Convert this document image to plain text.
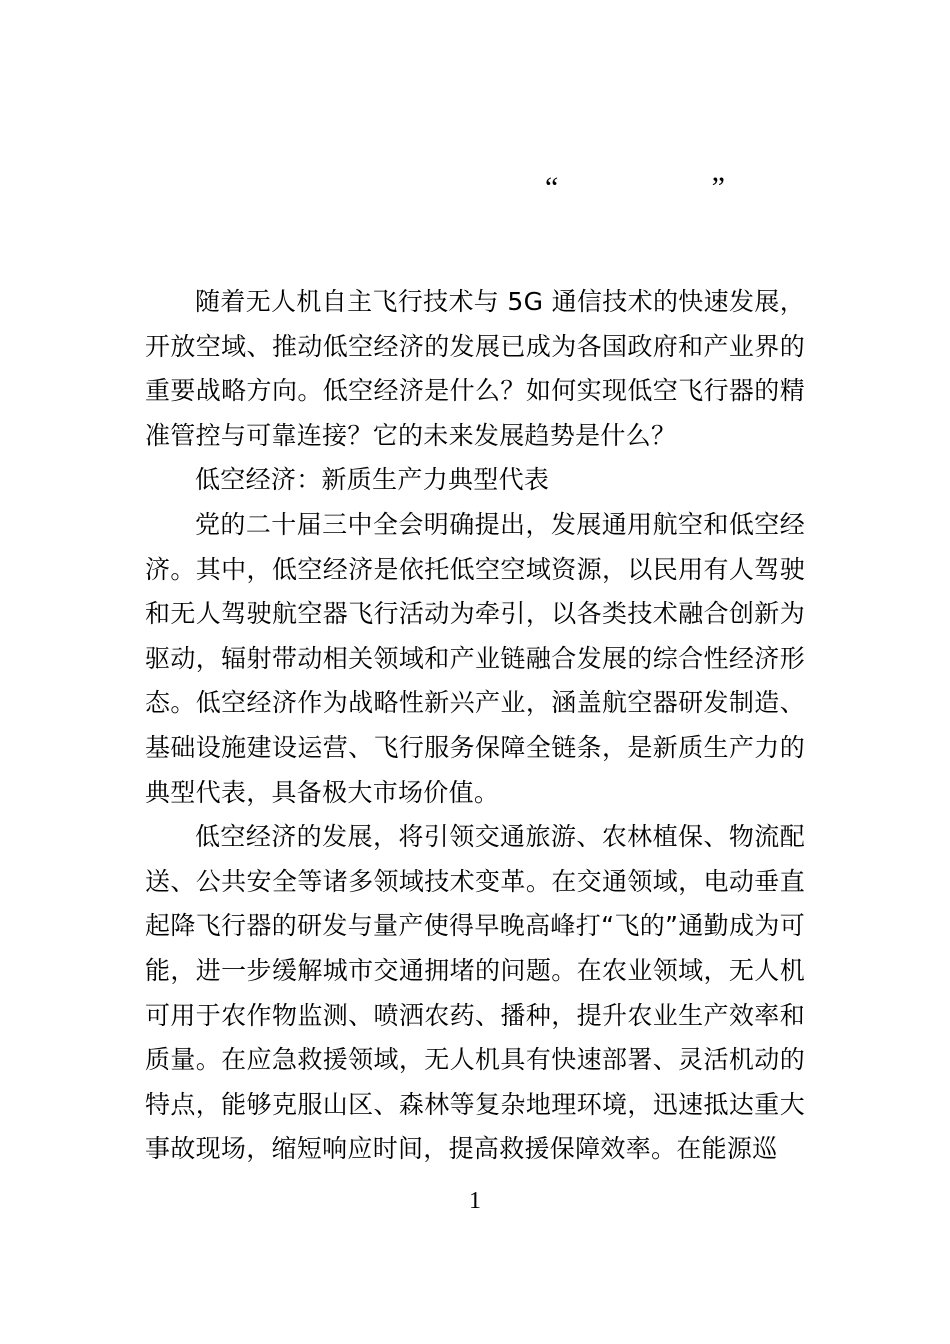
“	”

随着无人机自主飞行技术与 5G 通信技术的快速发展，开放空域、推动低空经济的发展已成为各国政府和产业界的重要战略方向。低空经济是什么？如何实现低空飞行器的精准管控与可靠连接？它的未来发展趋势是什么？

低空经济：新质生产力典型代表

党的二十届三中全会明确提出，发展通用航空和低空经济。其中，低空经济是依托低空空域资源，以民用有人驾驶和无人驾驶航空器飞行活动为牵引，以各类技术融合创新为驱动，辐射带动相关领域和产业链融合发展的综合性经济形态。低空经济作为战略性新兴产业，涵盖航空器研发制造、基础设施建设运营、飞行服务保障全链条，是新质生产力的典型代表，具备极大市场价值。

低空经济的发展，将引领交通旅游、农林植保、物流配送、公共安全等诸多领域技术变革。在交通领域，电动垂直起降飞行器的研发与量产使得早晚高峰打“飞的”通勤成为可能，进一步缓解城市交通拥堵的问题。在农业领域，无人机可用于农作物监测、喷洒农药、播种，提升农业生产效率和质量。在应急救援领域，无人机具有快速部署、灵活机动的特点，能够克服山区、森林等复杂地理环境，迅速抵达重大事故现场，缩短响应时间，提高救援保障效率。在能源巡

1
